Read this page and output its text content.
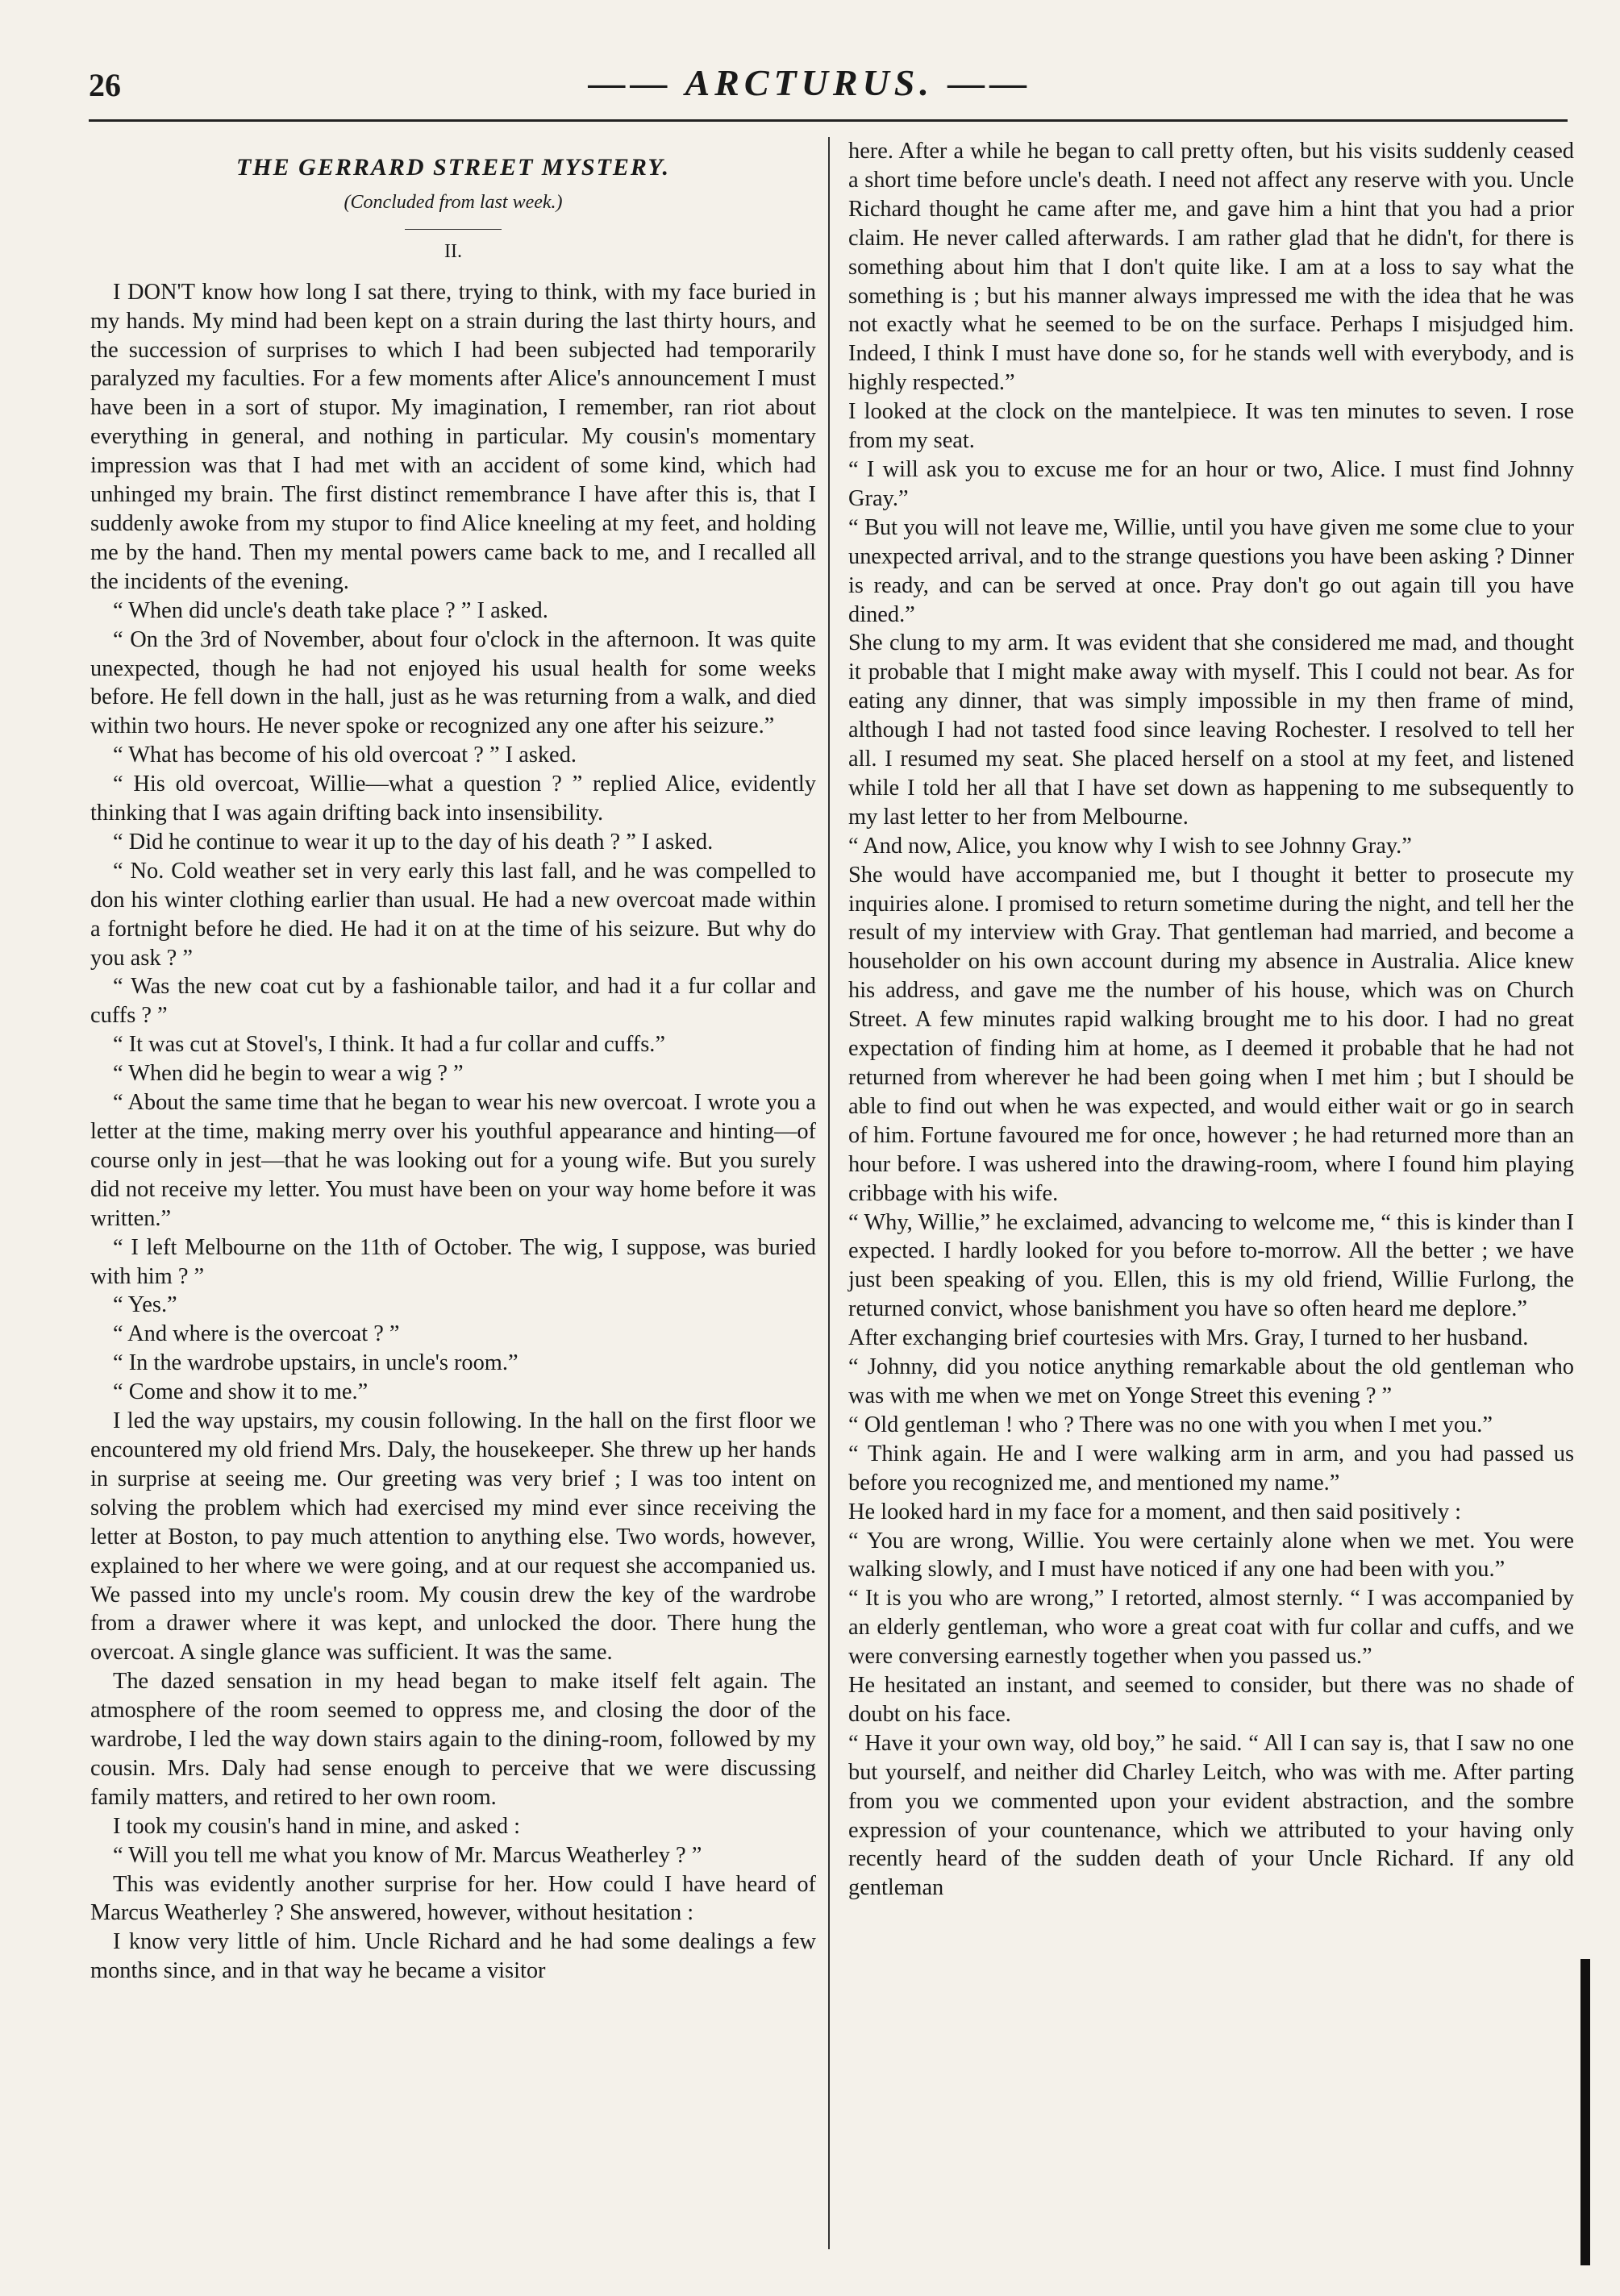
26	—— ARCTURUS. ——
THE GERRARD STREET MYSTERY.
(Concluded from last week.)
II.

I DON'T know how long I sat there, trying to think, with my face buried in my hands. My mind had been kept on a strain during the last thirty hours, and the succession of surprises to which I had been subjected had temporarily paralyzed my faculties. For a few moments after Alice's announcement I must have been in a sort of stupor. My imagination, I remember, ran riot about everything in general, and nothing in particular. My cousin's momentary impression was that I had met with an accident of some kind, which had unhinged my brain. The first distinct remembrance I have after this is, that I suddenly awoke from my stupor to find Alice kneeling at my feet, and holding me by the hand. Then my mental powers came back to me, and I recalled all the incidents of the evening.

“ When did uncle's death take place ? ” I asked.

“ On the 3rd of November, about four o'clock in the afternoon. It was quite unexpected, though he had not enjoyed his usual health for some weeks before. He fell down in the hall, just as he was returning from a walk, and died within two hours. He never spoke or recognized any one after his seizure.”

“ What has become of his old overcoat ? ” I asked.

“ His old overcoat, Willie—what a question ? ” replied Alice, evidently thinking that I was again drifting back into insensibility.

“ Did he continue to wear it up to the day of his death ? ” I asked.

“ No. Cold weather set in very early this last fall, and he was compelled to don his winter clothing earlier than usual. He had a new overcoat made within a fortnight before he died. He had it on at the time of his seizure. But why do you ask ? ”

“ Was the new coat cut by a fashionable tailor, and had it a fur collar and cuffs ? ”

“ It was cut at Stovel's, I think. It had a fur collar and cuffs.”

“ When did he begin to wear a wig ? ”

“ About the same time that he began to wear his new overcoat. I wrote you a letter at the time, making merry over his youthful appearance and hinting—of course only in jest—that he was looking out for a young wife. But you surely did not receive my letter. You must have been on your way home before it was written.”

“ I left Melbourne on the 11th of October. The wig, I suppose, was buried with him ? ”

“ Yes.”

“ And where is the overcoat ? ”

“ In the wardrobe upstairs, in uncle's room.”

“ Come and show it to me.”

I led the way upstairs, my cousin following. In the hall on the first floor we encountered my old friend Mrs. Daly, the housekeeper. She threw up her hands in surprise at seeing me. Our greeting was very brief ; I was too intent on solving the problem which had exercised my mind ever since receiving the letter at Boston, to pay much attention to anything else. Two words, however, explained to her where we were going, and at our request she accompanied us. We passed into my uncle's room. My cousin drew the key of the wardrobe from a drawer where it was kept, and unlocked the door. There hung the overcoat. A single glance was sufficient. It was the same.

The dazed sensation in my head began to make itself felt again. The atmosphere of the room seemed to oppress me, and closing the door of the wardrobe, I led the way down stairs again to the dining-room, followed by my cousin. Mrs. Daly had sense enough to perceive that we were discussing family matters, and retired to her own room.

I took my cousin's hand in mine, and asked :

“ Will you tell me what you know of Mr. Marcus Weatherley ? ”

This was evidently another surprise for her. How could I have heard of Marcus Weatherley ? She answered, however, without hesitation :

I know very little of him. Uncle Richard and he had some dealings a few months since, and in that way he became a visitor

here. After a while he began to call pretty often, but his visits suddenly ceased a short time before uncle's death. I need not affect any reserve with you. Uncle Richard thought he came after me, and gave him a hint that you had a prior claim. He never called afterwards. I am rather glad that he didn't, for there is something about him that I don't quite like. I am at a loss to say what the something is ; but his manner always impressed me with the idea that he was not exactly what he seemed to be on the surface. Perhaps I misjudged him. Indeed, I think I must have done so, for he stands well with everybody, and is highly respected.”

I looked at the clock on the mantelpiece. It was ten minutes to seven. I rose from my seat.

“ I will ask you to excuse me for an hour or two, Alice. I must find Johnny Gray.”

“ But you will not leave me, Willie, until you have given me some clue to your unexpected arrival, and to the strange questions you have been asking ? Dinner is ready, and can be served at once. Pray don't go out again till you have dined.”

She clung to my arm. It was evident that she considered me mad, and thought it probable that I might make away with myself. This I could not bear. As for eating any dinner, that was simply impossible in my then frame of mind, although I had not tasted food since leaving Rochester. I resolved to tell her all. I resumed my seat. She placed herself on a stool at my feet, and listened while I told her all that I have set down as happening to me subsequently to my last letter to her from Melbourne.

“ And now, Alice, you know why I wish to see Johnny Gray.”

She would have accompanied me, but I thought it better to prosecute my inquiries alone. I promised to return sometime during the night, and tell her the result of my interview with Gray. That gentleman had married, and become a householder on his own account during my absence in Australia. Alice knew his address, and gave me the number of his house, which was on Church Street. A few minutes rapid walking brought me to his door. I had no great expectation of finding him at home, as I deemed it probable that he had not returned from wherever he had been going when I met him ; but I should be able to find out when he was expected, and would either wait or go in search of him. Fortune favoured me for once, however ; he had returned more than an hour before. I was ushered into the drawing-room, where I found him playing cribbage with his wife.

“ Why, Willie,” he exclaimed, advancing to welcome me, “ this is kinder than I expected. I hardly looked for you before to-morrow. All the better ; we have just been speaking of you. Ellen, this is my old friend, Willie Furlong, the returned convict, whose banishment you have so often heard me deplore.”

After exchanging brief courtesies with Mrs. Gray, I turned to her husband.

“ Johnny, did you notice anything remarkable about the old gentleman who was with me when we met on Yonge Street this evening ? ”

“ Old gentleman ! who ? There was no one with you when I met you.”

“ Think again. He and I were walking arm in arm, and you had passed us before you recognized me, and mentioned my name.”

He looked hard in my face for a moment, and then said positively :

“ You are wrong, Willie. You were certainly alone when we met. You were walking slowly, and I must have noticed if any one had been with you.”

“ It is you who are wrong,” I retorted, almost sternly. “ I was accompanied by an elderly gentleman, who wore a great coat with fur collar and cuffs, and we were conversing earnestly together when you passed us.”

He hesitated an instant, and seemed to consider, but there was no shade of doubt on his face.

“ Have it your own way, old boy,” he said. “ All I can say is, that I saw no one but yourself, and neither did Charley Leitch, who was with me. After parting from you we commented upon your evident abstraction, and the sombre expression of your countenance, which we attributed to your having only recently heard of the sudden death of your Uncle Richard. If any old gentleman
